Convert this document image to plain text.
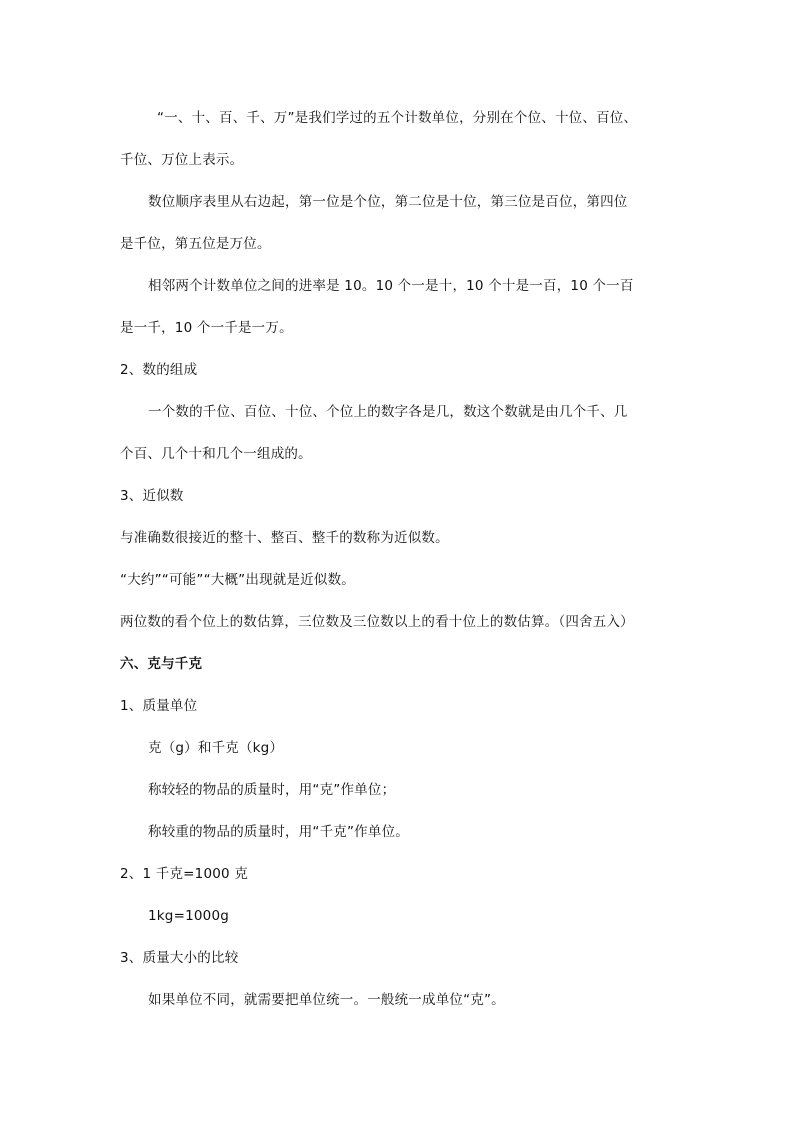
“一、十、百、千、万”是我们学过的五个计数单位，分别在个位、十位、百位、
千位、万位上表示。
数位顺序表里从右边起，第一位是个位，第二位是十位，第三位是百位，第四位
是千位，第五位是万位。
相邻两个计数单位之间的进率是 10。10 个一是十，10 个十是一百，10 个一百
是一千，10 个一千是一万。
2、数的组成
一个数的千位、百位、十位、个位上的数字各是几，数这个数就是由几个千、几
个百、几个十和几个一组成的。
3、近似数
与准确数很接近的整十、整百、整千的数称为近似数。
“大约”“可能”“大概”出现就是近似数。
两位数的看个位上的数估算，三位数及三位数以上的看十位上的数估算。（四舍五入）
六、克与千克
1、质量单位
克（g）和千克（kg）
称较轻的物品的质量时，用“克”作单位；
称较重的物品的质量时，用“千克”作单位。
2、1 千克=1000 克
1kg=1000g
3、质量大小的比较
如果单位不同，就需要把单位统一。一般统一成单位“克”。
